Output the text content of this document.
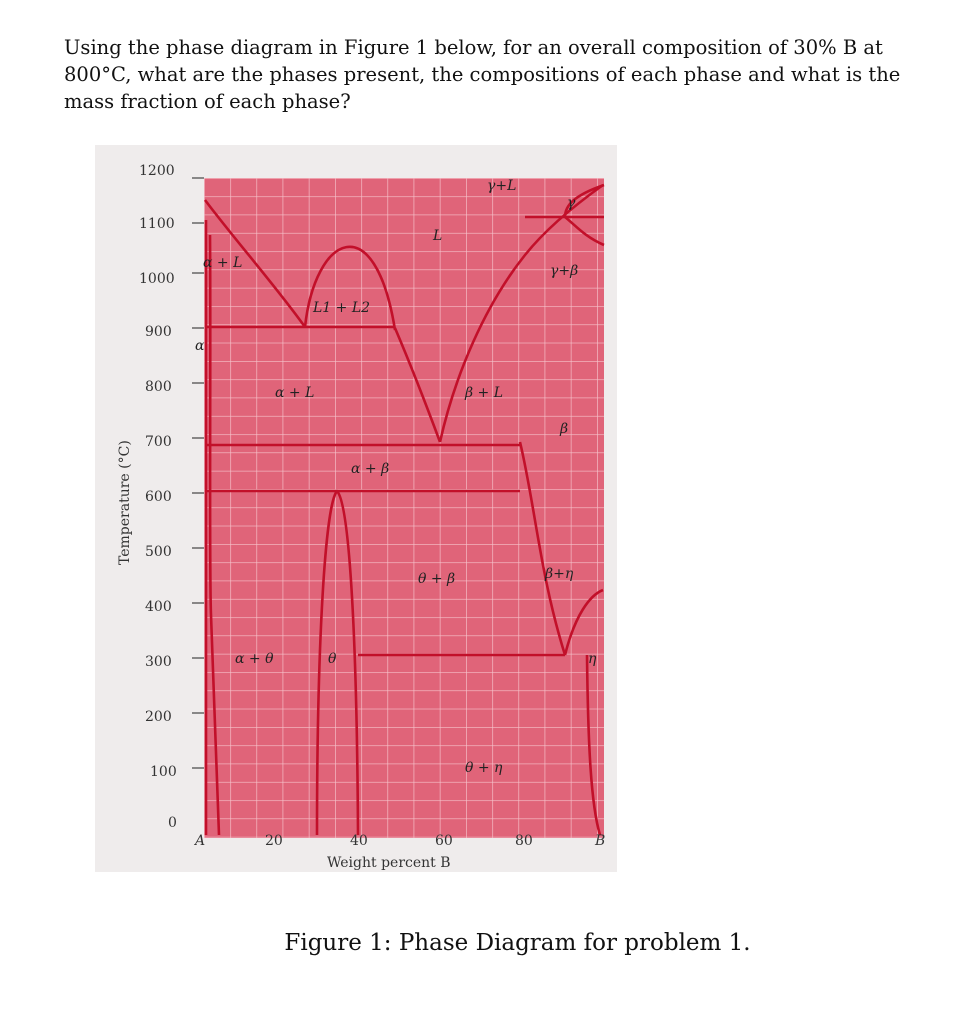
Using the phase diagram in Figure 1 below, for an overall composition of 30% B at 800°C, what are the phases present, the compositions of each phase and what is the mass fraction of each phase?

γ+L
γ
L
α + L	γ+β
L1 + L2
α
α + L	β + L
β
α + β
θ + β	β+η
α + θ	θ	η
θ + η
1200
1100
1000
900
800
700
600
500
400
300
200
100
0
A	20	40	60	80	B
Weight percent B
Temperature (°C)
Figure 1: Phase Diagram for problem 1.
